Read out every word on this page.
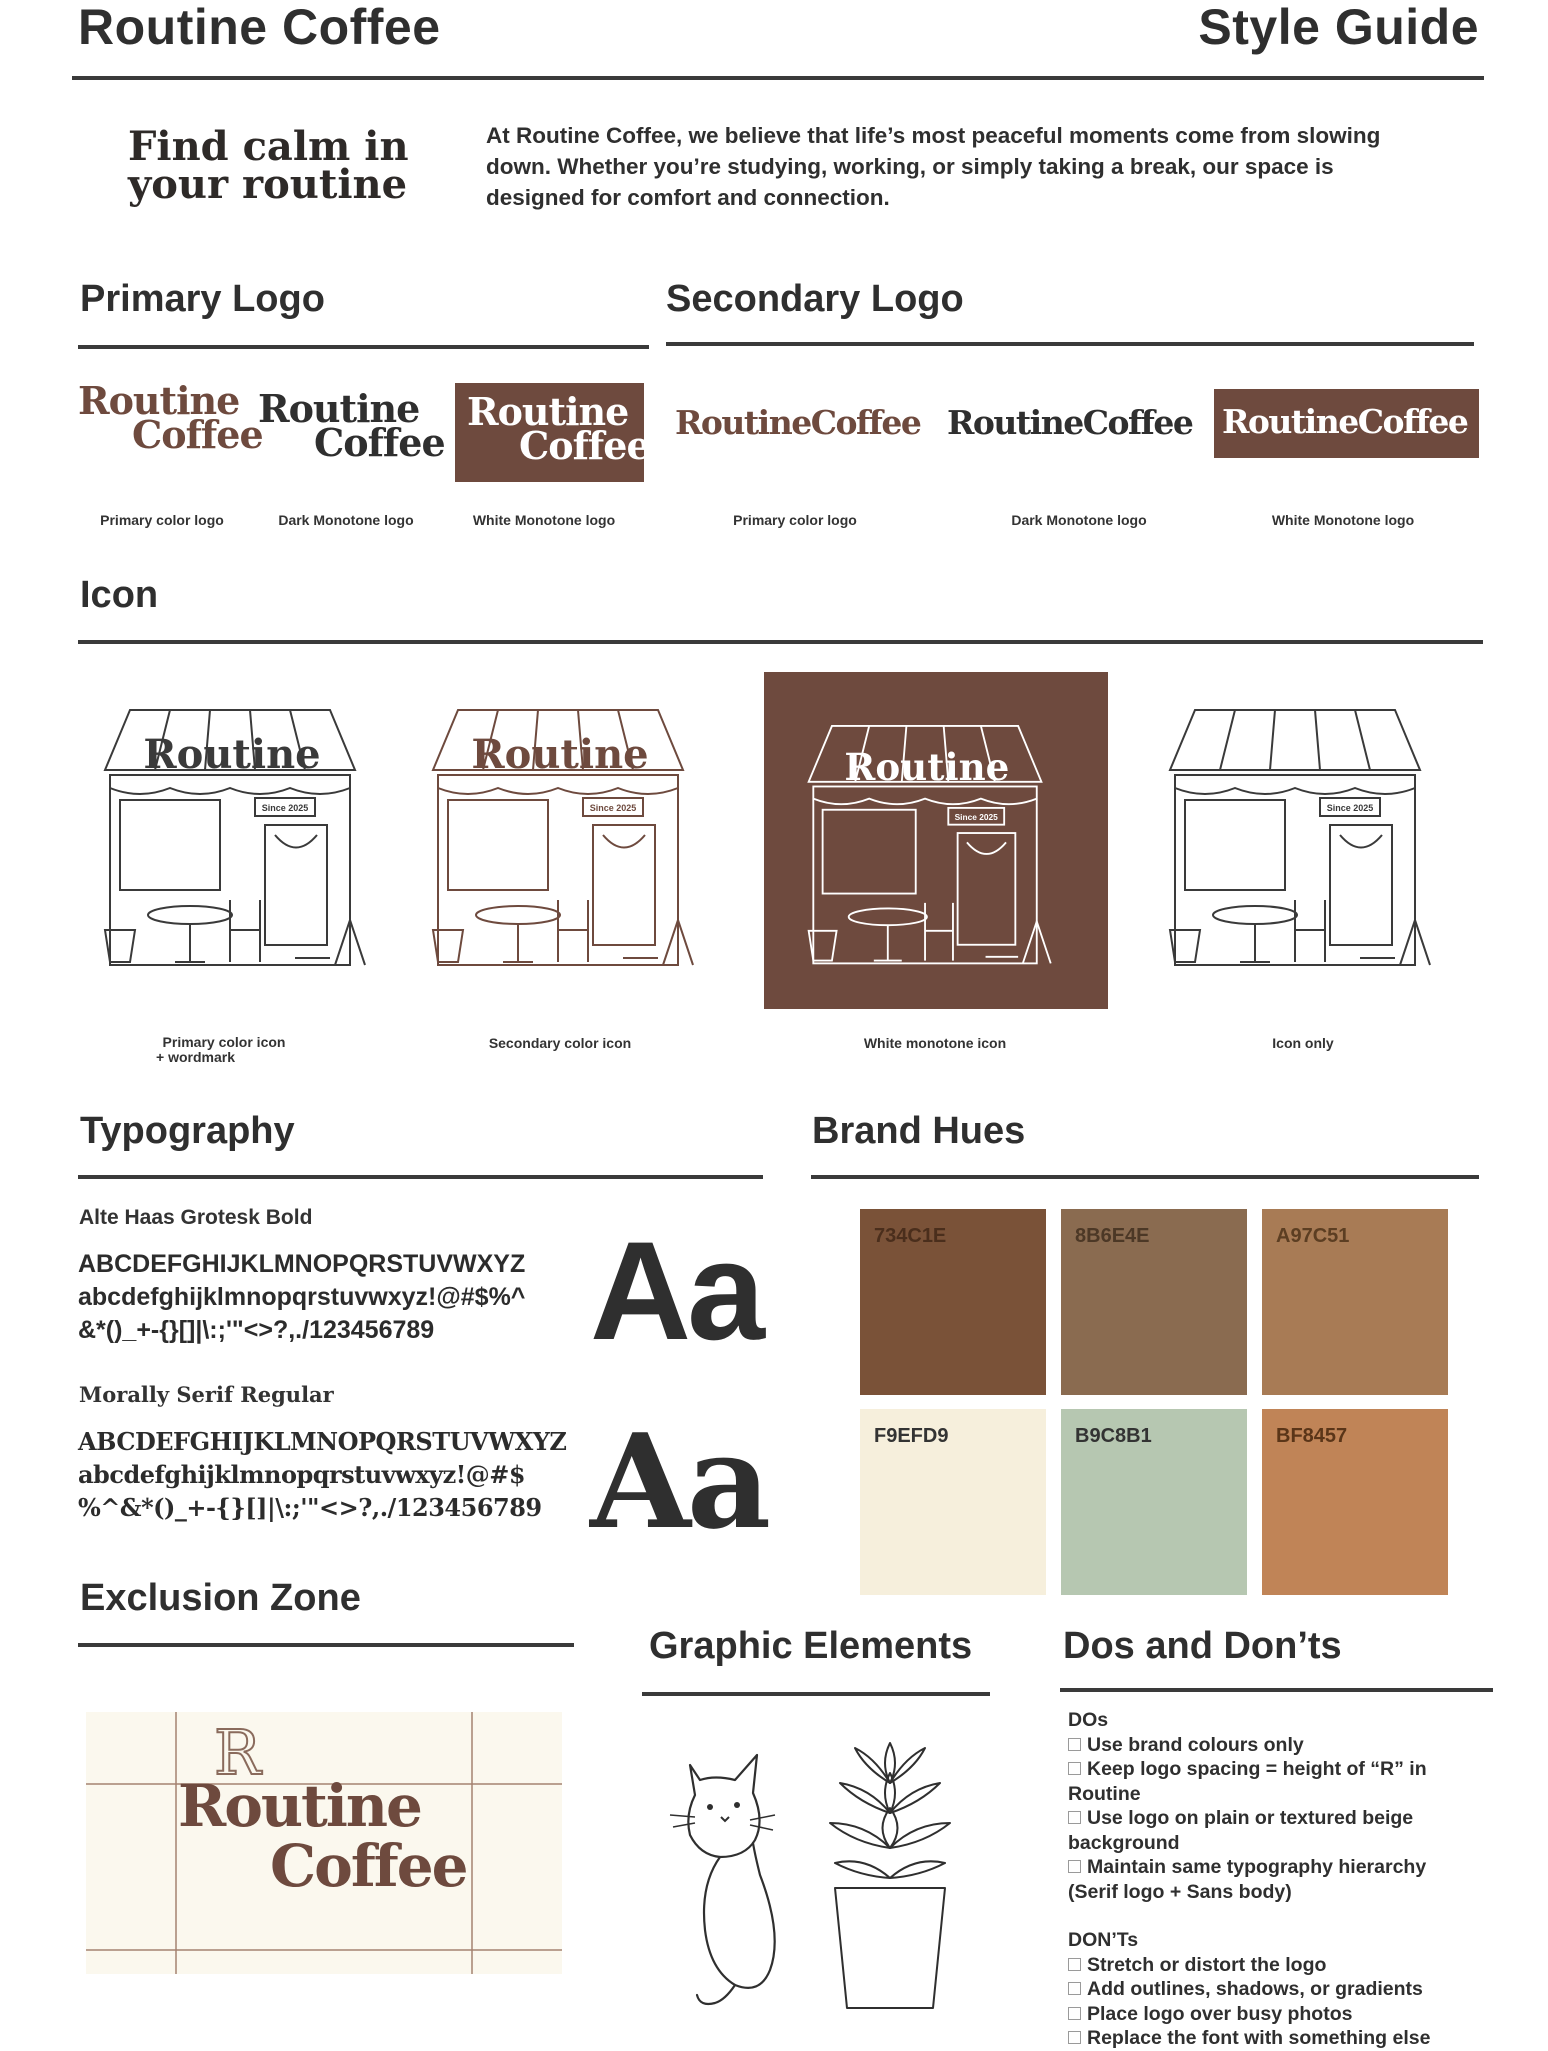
Routine Coffee	Style Guide
Find calm in
your routine
At Routine Coffee, we believe that life’s most peaceful moments come from slowing down. Whether you’re studying, working, or simply taking a break, our space is designed for comfort and connection.
Primary Logo
Routine
Coffee
Routine
Coffee
Routine
Coffee
Primary color logo	Dark Monotone logo	White Monotone logo
Secondary Logo
RoutineCoffee RoutineCoffee RoutineCoffee
Primary color logo	Dark Monotone logo	White Monotone logo
Icon
Routine
Since 2025
Routine
Since 2025
Routine
Since 2025
Since 2025
Primary color icon
+ wordmark
Secondary color icon	White monotone icon	Icon only
Typography
Alte Haas Grotesk Bold
ABCDEFGHIJKLMNOPQRSTUVWXYZ
abcdefghijklmnopqrstuvwxyz!@#$%^
&*()_+-{}[]|\:;'"<>?,./123456789	Aa
Morally Serif Regular
ABCDEFGHIJKLMNOPQRSTUVWXYZ
abcdefghijklmnopqrstuvwxyz!@#$
%^&*()_+-{}[]|\:;'"<>?,./123456789 Aa
Brand Hues
734C1E	8B6E4E	A97C51
F9EFD9	B9C8B1	BF8457
Exclusion Zone
R
Routine
Coffee
Graphic Elements Dos and Don’ts
DOs
Use brand colours only
Keep logo spacing = height of “R” in
Routine
Use logo on plain or textured beige
background
Maintain same typography hierarchy
(Serif logo + Sans body)
DON’Ts
Stretch or distort the logo
Add outlines, shadows, or gradients
Place logo over busy photos
Replace the font with something else
